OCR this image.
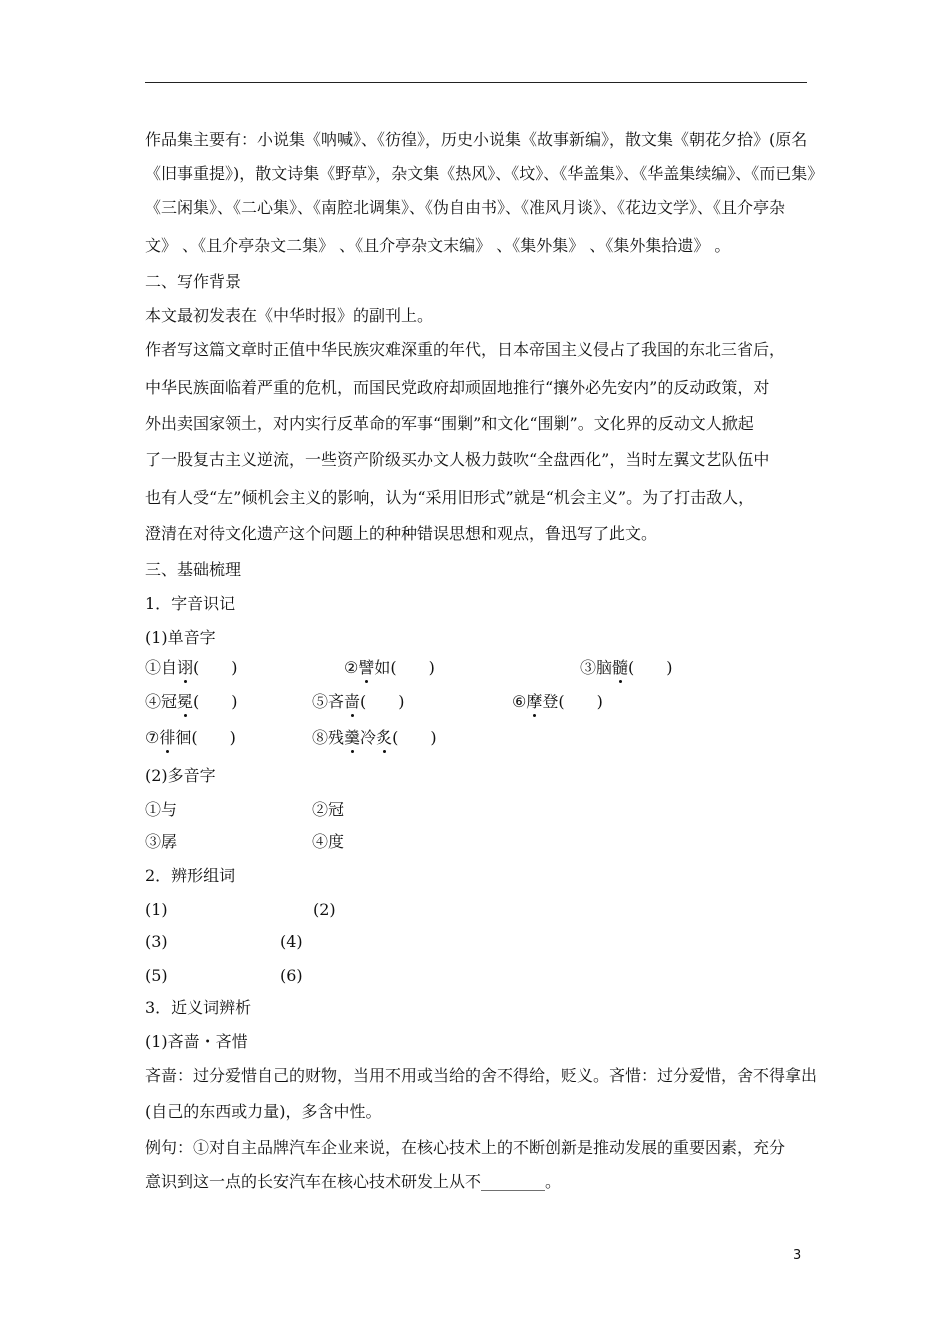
作品集主要有：小说集《呐喊》、《彷徨》，历史小说集《故事新编》，散文集《朝花夕拾》(原名

《旧事重提》)，散文诗集《野草》，杂文集《热风》、《坟》、《华盖集》、《华盖集续编》、《而已集》

《三闲集》、《二心集》、《南腔北调集》、《伪自由书》、《准风月谈》、《花边文学》、《且介亭杂

文》 、《且介亭杂文二集》 、《且介亭杂文末编》 、《集外集》 、《集外集拾遗》 。

二、写作背景

本文最初发表在《中华时报》的副刊上。

作者写这篇文章时正值中华民族灾难深重的年代，日本帝国主义侵占了我国的东北三省后，

中华民族面临着严重的危机，而国民党政府却顽固地推行“攘外必先安内”的反动政策，对

外出卖国家领土，对内实行反革命的军事“围剿”和文化“围剿”。文化界的反动文人掀起

了一股复古主义逆流，一些资产阶级买办文人极力鼓吹“全盘西化”，当时左翼文艺队伍中

也有人受“左”倾机会主义的影响，认为“采用旧形式”就是“机会主义”。为了打击敌人，

澄清在对待文化遗产这个问题上的种种错误思想和观点，鲁迅写了此文。

三、基础梳理

1．字音识记

(1)单音字

①自诩(　　)	②譬如(　　)	③脑髓(　　)

④冠冕(　　)	⑤吝啬(　　)	⑥摩登(　　)

⑦徘徊(　　)	⑧残羹冷炙(　　)

(2)多音字

①与	②冠

③孱	④度

2．辨形组词

(1)	(2)

(3)	(4)

(5)	(6)

3．近义词辨析

(1)吝啬・吝惜

吝啬：过分爱惜自己的财物，当用不用或当给的舍不得给，贬义。吝惜：过分爱惜，舍不得拿出

(自己的东西或力量)，多含中性。

例句：①对自主品牌汽车企业来说，在核心技术上的不断创新是推动发展的重要因素，充分

意识到这一点的长安汽车在核心技术研发上从不________。

3
